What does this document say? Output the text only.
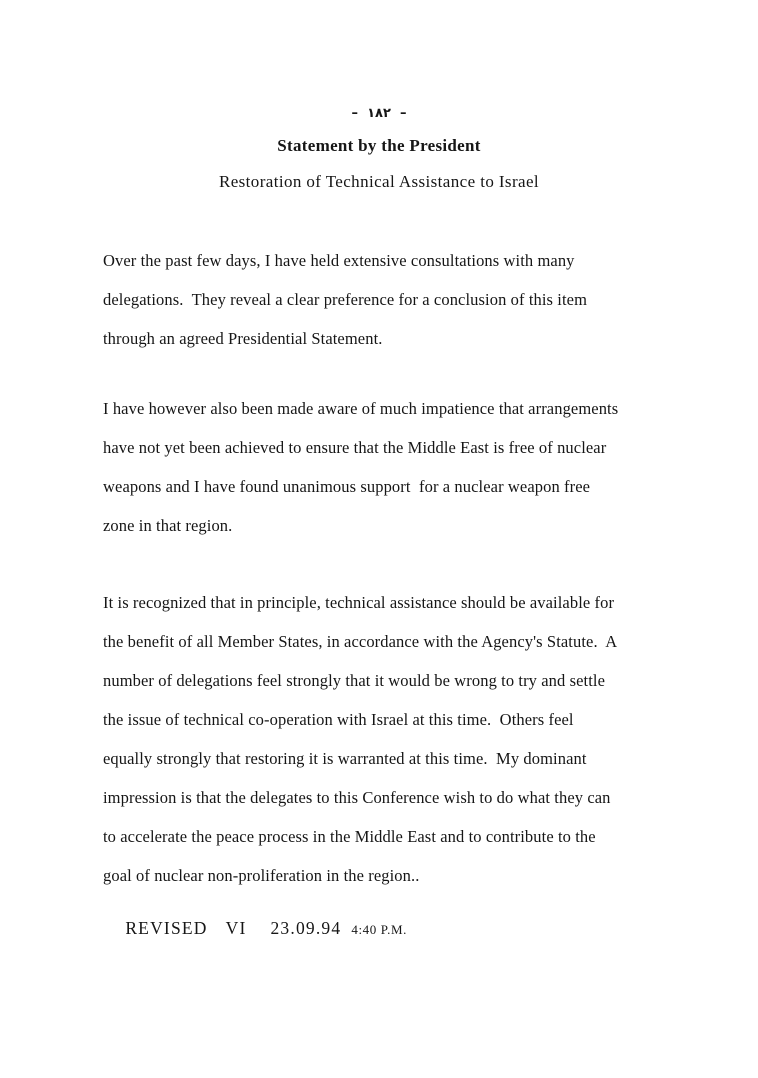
–  ١٨٢  –
Statement by the President
Restoration of Technical Assistance to Israel
Over the past few days, I have held extensive consultations with many
delegations.  They reveal a clear preference for a conclusion of this item
through an agreed Presidential Statement.
I have however also been made aware of much impatience that arrangements
have not yet been achieved to ensure that the Middle East is free of nuclear
weapons and I have found unanimous support  for a nuclear weapon free
zone in that region.
It is recognized that in principle, technical assistance should be available for
the benefit of all Member States, in accordance with the Agency's Statute.  A
number of delegations feel strongly that it would be wrong to try and settle
the issue of technical co-operation with Israel at this time.  Others feel
equally strongly that restoring it is warranted at this time.  My dominant
impression is that the delegates to this Conference wish to do what they can
to accelerate the peace process in the Middle East and to contribute to the
goal of nuclear non-proliferation in the region..

REVISED VI 23.09.94 4:40 P.M.
